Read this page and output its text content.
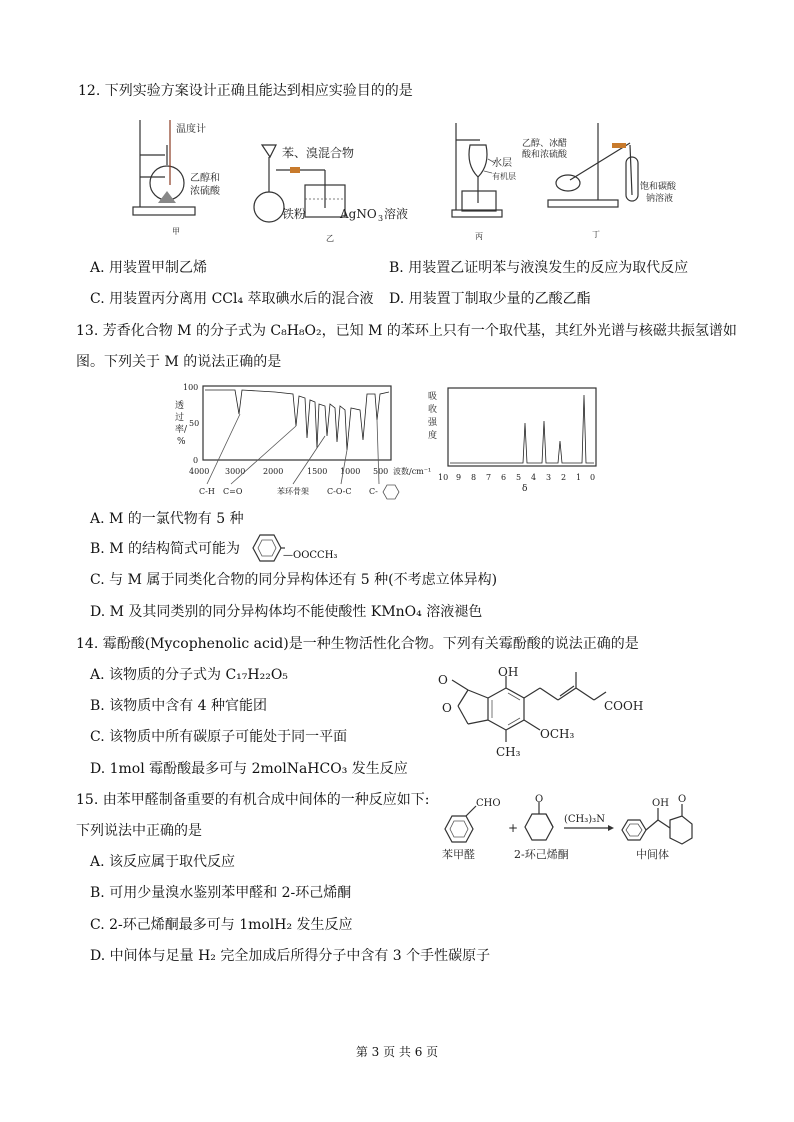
12. 下列实验方案设计正确且能达到相应实验目的的是
温度计
乙醇和
浓硫酸
甲
苯、溴混合物
铁粉	AgNO 3 溶液
乙
水层
有机层
丙
乙醇、冰醋
酸和浓硫酸
饱和碳酸
钠溶液
丁
A. 用装置甲制乙烯	B. 用装置乙证明苯与液溴发生的反应为取代反应
C. 用装置丙分离用 CCl₄ 萃取碘水后的混合液 D. 用装置丁制取少量的乙酸乙酯
13. 芳香化合物 M 的分子式为 C₈H₈O₂，已知 M 的苯环上只有一个取代基，其红外光谱与核磁共振氢谱如
图。下列关于 M 的说法正确的是
透
过
率/
%
100
50
0
4000 3000 2000	1500 1000 500 波数/cm⁻¹
C-H C=O	苯环骨架 C-O-C C-
吸
收
强
度
10 9 8 7 6 5 4 3 2 1 0
δ
A. M 的一氯代物有 5 种
B. M 的结构简式可能为	—OOCCH₃
C. 与 M 属于同类化合物的同分异构体还有 5 种(不考虑立体异构)
D. M 及其同类别的同分异构体均不能使酸性 KMnO₄ 溶液褪色
14. 霉酚酸(Mycophenolic acid)是一种生物活性化合物。下列有关霉酚酸的说法正确的是
A. 该物质的分子式为 C₁₇H₂₂O₅
B. 该物质中含有 4 种官能团
C. 该物质中所有碳原子可能处于同一平面
D. 1mol 霉酚酸最多可与 2molNaHCO₃ 发生反应
O
O
OH
COOH
OCH₃
CH₃
15. 由苯甲醛制备重要的有机合成中间体的一种反应如下:
下列说法中正确的是
CHO
+
O
(CH₃)₃N
OH O
苯甲醛	2-环己烯酮	中间体
A. 该反应属于取代反应
B. 可用少量溴水鉴别苯甲醛和 2-环己烯酮
C. 2-环己烯酮最多可与 1molH₂ 发生反应
D. 中间体与足量 H₂ 完全加成后所得分子中含有 3 个手性碳原子
第 3 页 共 6 页
